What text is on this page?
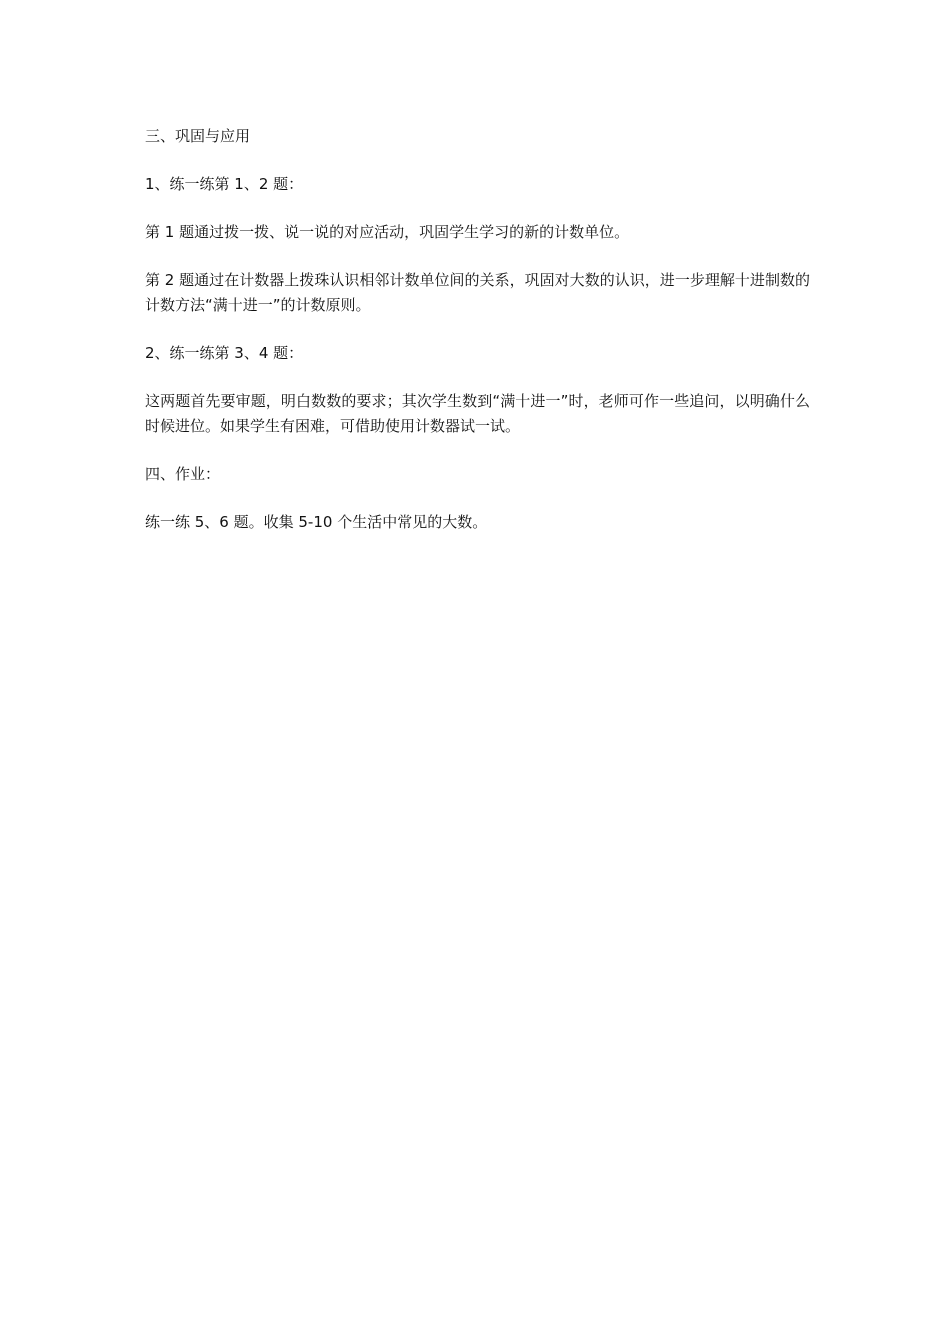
三、巩固与应用

1、练一练第 1、2 题：

第 1 题通过拨一拨、说一说的对应活动，巩固学生学习的新的计数单位。

第 2 题通过在计数器上拨珠认识相邻计数单位间的关系，巩固对大数的认识，进一步理解十进制数的计数方法“满十进一”的计数原则。

2、练一练第 3、4 题：

这两题首先要审题，明白数数的要求；其次学生数到“满十进一”时，老师可作一些追问，以明确什么时候进位。如果学生有困难，可借助使用计数器试一试。

四、作业：

练一练 5、6 题。收集 5-10 个生活中常见的大数。
